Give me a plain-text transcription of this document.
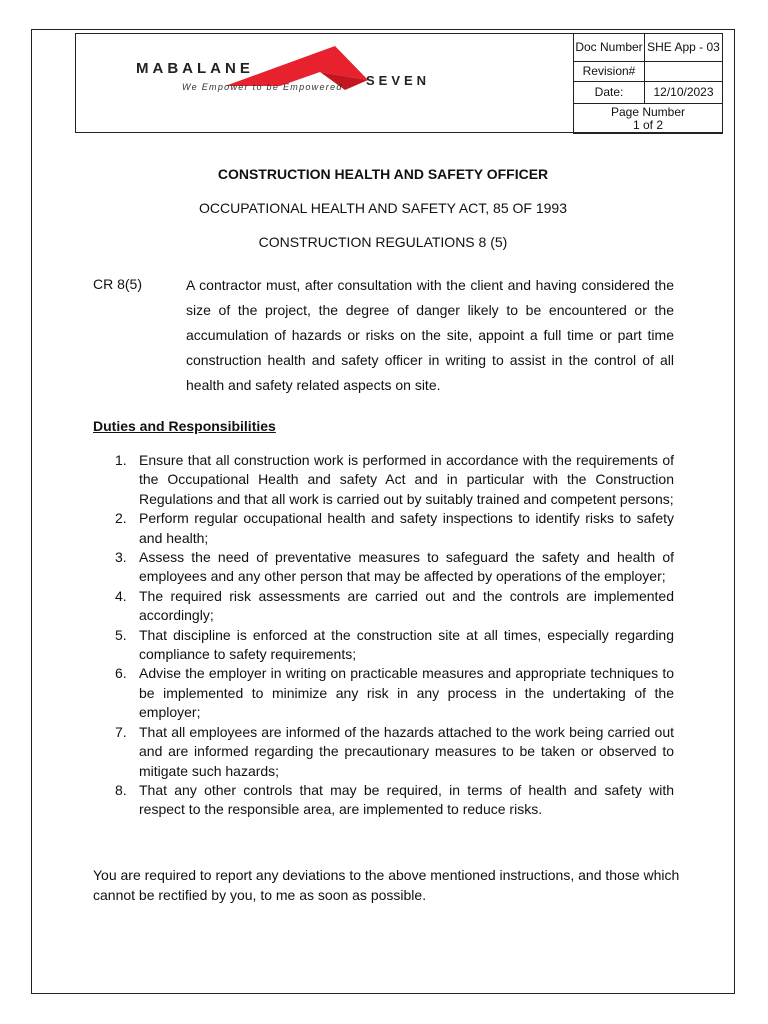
MABALANE
SEVEN
We Empower to be Empowered
Doc Number	SHE App - 03
Revision#	
Date:	12/10/2023

Page Number
1 of 2	
CONSTRUCTION HEALTH AND SAFETY OFFICER
OCCUPATIONAL HEALTH AND SAFETY ACT, 85 OF 1993
CONSTRUCTION REGULATIONS 8 (5)
CR 8(5)	A contractor must, after consultation with the client and having considered the size of the project, the degree of danger likely to be encountered or the accumulation of hazards or risks on the site, appoint a full time or part time construction health and safety officer in writing to assist in the control of all health and safety related aspects on site.
Duties and Responsibilities
1. Ensure that all construction work is performed in accordance with the requirements of the Occupational Health and safety Act and in particular with the Construction Regulations and that all work is carried out by suitably trained and competent persons;
2. Perform regular occupational health and safety inspections to identify risks to safety and health;
3. Assess the need of preventative measures to safeguard the safety and health of employees and any other person that may be affected by operations of the employer;
4. The required risk assessments are carried out and the controls are implemented accordingly;
5. That discipline is enforced at the construction site at all times, especially regarding compliance to safety requirements;
6. Advise the employer in writing on practicable measures and appropriate techniques to be implemented to minimize any risk in any process in the undertaking of the employer;
7. That all employees are informed of the hazards attached to the work being carried out and are informed regarding the precautionary measures to be taken or observed to mitigate such hazards;
8. That any other controls that may be required, in terms of health and safety with respect to the responsible area, are implemented to reduce risks.
You are required to report any deviations to the above mentioned instructions, and those which cannot be rectified by you, to me as soon as possible.
